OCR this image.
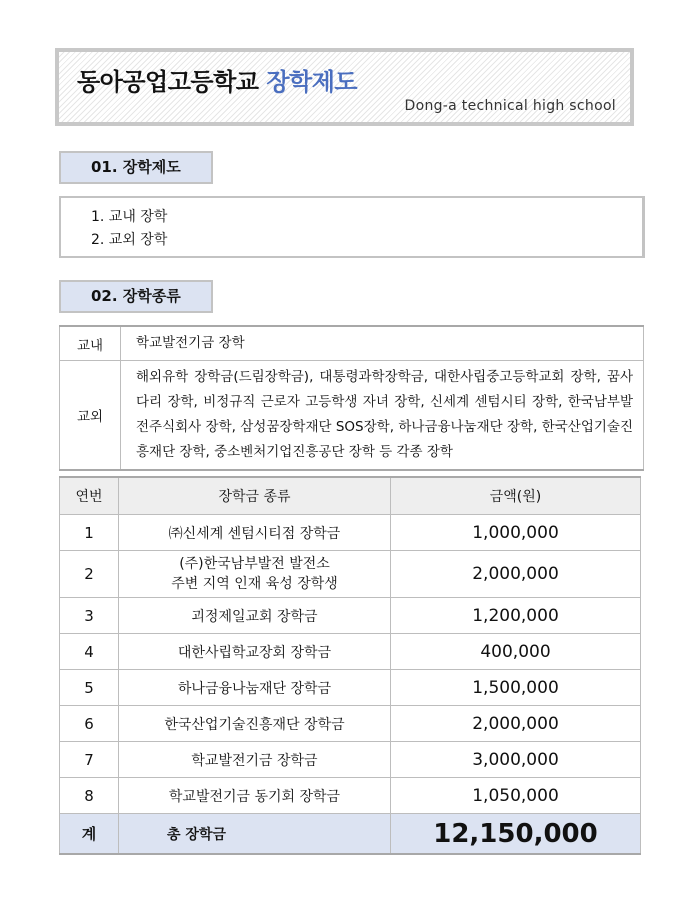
동아공업고등학교 장학제도
Dong-a technical high school
01. 장학제도
1. 교내 장학
2. 교외 장학
02. 장학종류
교내	학교발전기금 장학
교외	해외유학 장학금(드림장학금), 대통령과학장학금, 대한사립중고등학교회 장학, 꿈사다리 장학, 비정규직 근로자 고등학생 자녀 장학, 신세계 센텀시티 장학, 한국남부발전주식회사 장학, 삼성꿈장학재단 SOS장학, 하나금융나눔재단 장학, 한국산업기술진흥재단 장학, 중소벤처기업진흥공단 장학 등 각종 장학
연번	장학금 종류	금액(원)
1	㈜신세계 센텀시티점 장학금	1,000,000
2	(주)한국남부발전 발전소
주변 지역 인재 육성 장학생	2,000,000
3	괴정제일교회 장학금	1,200,000
4	대한사립학교장회 장학금	400,000
5	하나금융나눔재단 장학금	1,500,000
6	한국산업기술진흥재단 장학금	2,000,000
7	학교발전기금 장학금	3,000,000
8	학교발전기금 동기회 장학금	1,050,000
계	총 장학금	12,150,000
